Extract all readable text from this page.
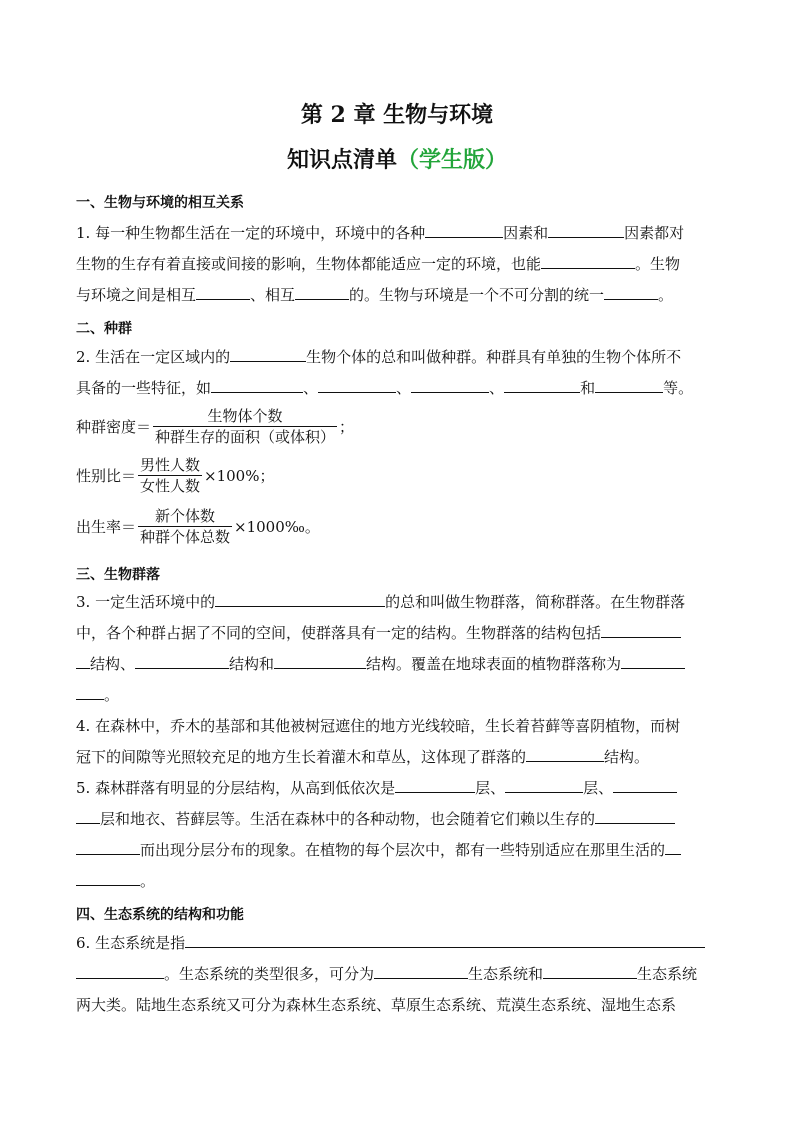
第 2 章 生物与环境
知识点清单（学生版）
一、生物与环境的相互关系
1. 每一种生物都生活在一定的环境中，环境中的各种	因素和	因素都对
生物的生存有着直接或间接的影响，生物体都能适应一定的环境，也能	。生物
与环境之间是相互	、相互	的。生物与环境是一个不可分割的统一	。
二、种群
2. 生活在一定区域内的	生物个体的总和叫做种群。种群具有单独的生物个体所不
具备的一些特征，如	、	、	、	和	等。
种群密度＝ $\frac{\text{生物体个数}}{\text{种群生存的面积（或体积）}}$ ；
性别比＝ $\frac{\text{男性人数}}{\text{女性人数}} \times 100\%$；
出生率＝ $\frac{\text{新个体数}}{\text{种群个体总数}}$ ×1000‰。
三、生物群落
3. 一定生活环境中的	的总和叫做生物群落，简称群落。在生物群落
中，各个种群占据了不同的空间，使群落具有一定的结构。生物群落的结构包括
结构、	结构和	结构。覆盖在地球表面的植物群落称为
。
4. 在森林中，乔木的基部和其他被树冠遮住的地方光线较暗，生长着苔藓等喜阴植物，而树
冠下的间隙等光照较充足的地方生长着灌木和草丛，这体现了群落的	结构。
5. 森林群落有明显的分层结构，从高到低依次是	层、	层、
层和地衣、苔藓层等。生活在森林中的各种动物，也会随着它们赖以生存的
而出现分层分布的现象。在植物的每个层次中，都有一些特别适应在那里生活的
。
四、生态系统的结构和功能
6. 生态系统是指
。生态系统的类型很多，可分为	生态系统和	生态系统
两大类。陆地生态系统又可分为森林生态系统、草原生态系统、荒漠生态系统、湿地生态系
